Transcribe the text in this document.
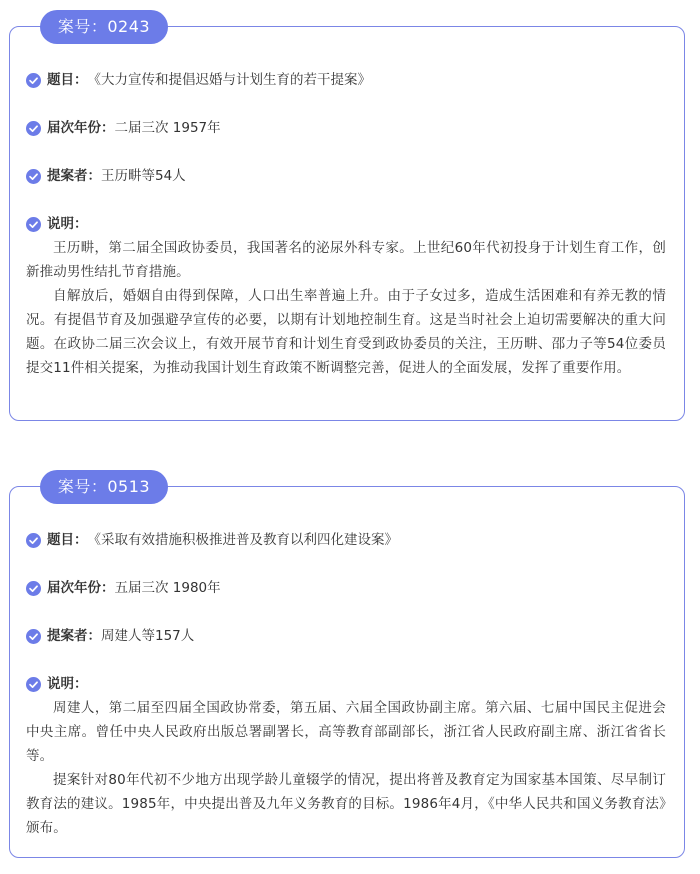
案号：0243
题目： 《大力宣传和提倡迟婚与计划生育的若干提案》
届次年份： 二届三次 1957年
提案者： 王历畊等54人
说明：

王历畊，第二届全国政协委员，我国著名的泌尿外科专家。上世纪60年代初投身于计划生育工作，创新推动男性结扎节育措施。

自解放后，婚姻自由得到保障，人口出生率普遍上升。由于子女过多，造成生活困难和有养无教的情况。有提倡节育及加强避孕宣传的必要，以期有计划地控制生育。这是当时社会上迫切需要解决的重大问题。在政协二届三次会议上，有效开展节育和计划生育受到政协委员的关注，王历畊、邵力子等54位委员提交11件相关提案，为推动我国计划生育政策不断调整完善，促进人的全面发展，发挥了重要作用。

案号：0513
题目： 《采取有效措施积极推进普及教育以利四化建设案》
届次年份： 五届三次 1980年
提案者： 周建人等157人
说明：

周建人，第二届至四届全国政协常委，第五届、六届全国政协副主席。第六届、七届中国民主促进会中央主席。曾任中央人民政府出版总署副署长，高等教育部副部长，浙江省人民政府副主席、浙江省省长等。

提案针对80年代初不少地方出现学龄儿童辍学的情况，提出将普及教育定为国家基本国策、尽早制订教育法的建议。1985年，中央提出普及九年义务教育的目标。1986年4月，《中华人民共和国义务教育法》颁布。
